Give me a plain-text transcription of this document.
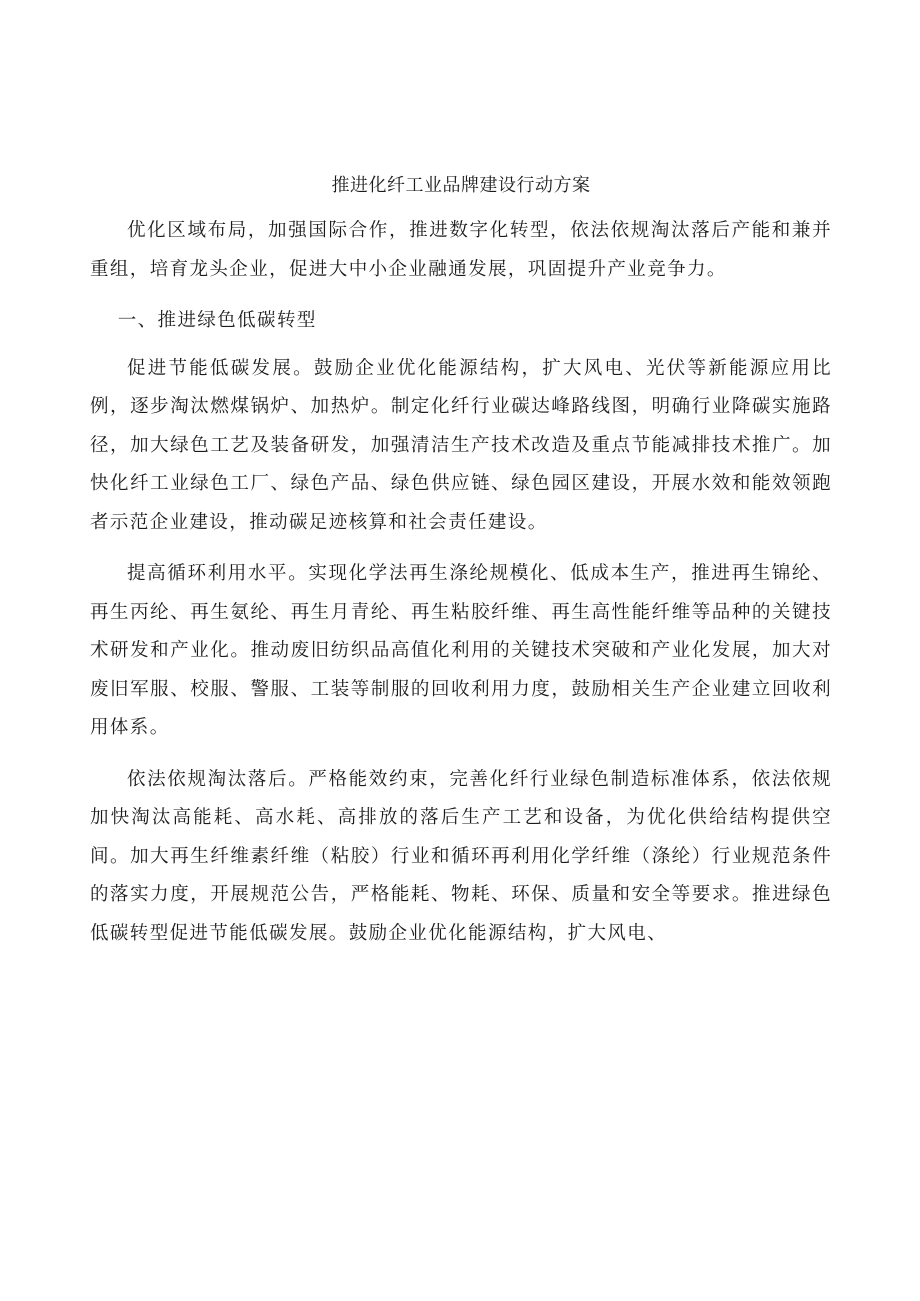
推进化纤工业品牌建设行动方案

优化区域布局，加强国际合作，推进数字化转型，依法依规淘汰落后产能和兼并重组，培育龙头企业，促进大中小企业融通发展，巩固提升产业竞争力。

一、推进绿色低碳转型

促进节能低碳发展。鼓励企业优化能源结构，扩大风电、光伏等新能源应用比例，逐步淘汰燃煤锅炉、加热炉。制定化纤行业碳达峰路线图，明确行业降碳实施路径，加大绿色工艺及装备研发，加强清洁生产技术改造及重点节能减排技术推广。加快化纤工业绿色工厂、绿色产品、绿色供应链、绿色园区建设，开展水效和能效领跑者示范企业建设，推动碳足迹核算和社会责任建设。

提高循环利用水平。实现化学法再生涤纶规模化、低成本生产，推进再生锦纶、再生丙纶、再生氨纶、再生月青纶、再生粘胶纤维、再生高性能纤维等品种的关键技术研发和产业化。推动废旧纺织品高值化利用的关键技术突破和产业化发展，加大对废旧军服、校服、警服、工装等制服的回收利用力度，鼓励相关生产企业建立回收利用体系。

依法依规淘汰落后。严格能效约束，完善化纤行业绿色制造标准体系，依法依规加快淘汰高能耗、高水耗、高排放的落后生产工艺和设备，为优化供给结构提供空间。加大再生纤维素纤维（粘胶）行业和循环再利用化学纤维（涤纶）行业规范条件的落实力度，开展规范公告，严格能耗、物耗、环保、质量和安全等要求。推进绿色低碳转型促进节能低碳发展。鼓励企业优化能源结构，扩大风电、
